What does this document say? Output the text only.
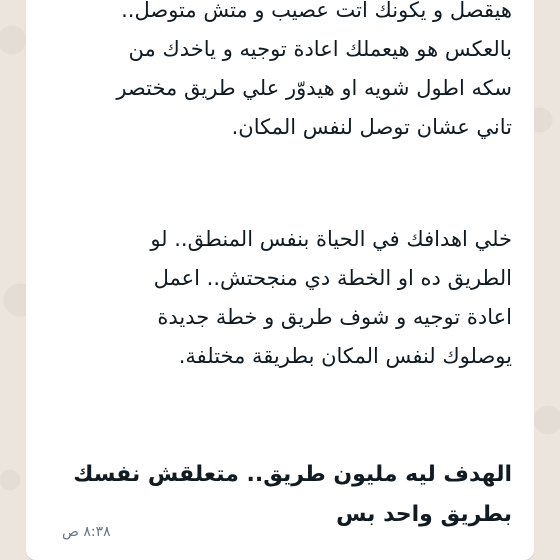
هيقصل و يكونك اتت عصيب و متش متوصل..
بالعكس هو هيعملك اعادة توجيه و ياخدك من
سكه اطول شويه او هيدوّر علي طريق مختصر
تاني عشان توصل لنفس المكان.

خلي اهدافك في الحياة بنفس المنطق.. لو
الطريق ده او الخطة دي منجحتش.. اعمل
اعادة توجيه و شوف طريق و خطة جديدة
يوصلوك لنفس المكان بطريقة مختلفة.

الهدف ليه مليون طريق.. متعلقش نفسك
بطريق واحد بس

٨:٣٨ ص
